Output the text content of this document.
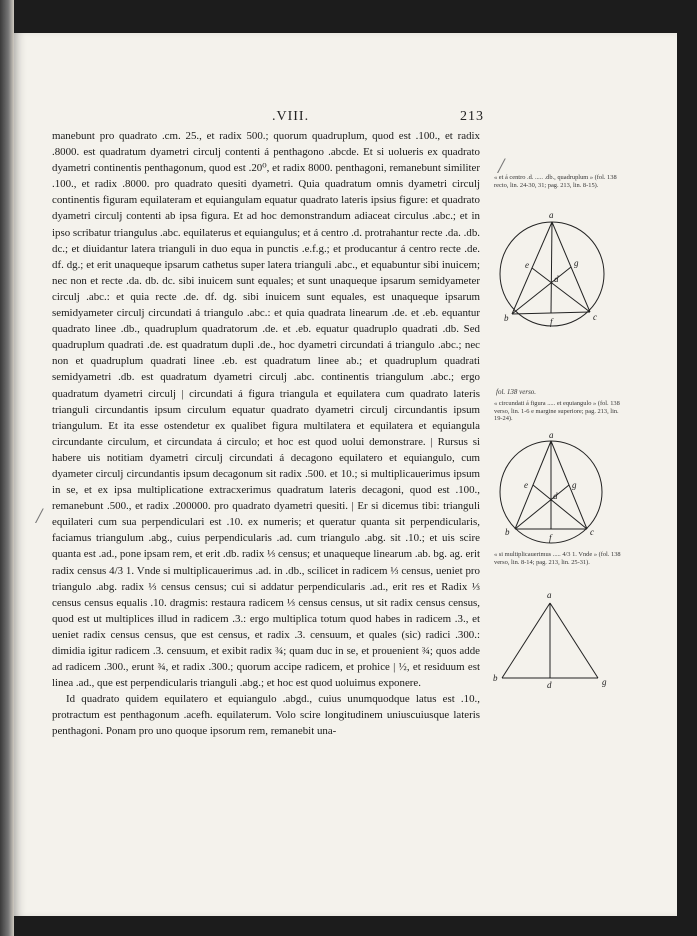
.VIII.	213

manebunt pro quadrato .cm. 25., et radix 500.; quorum quadruplum, quod est .100., et radix .8000. est quadratum dyametri circulj contenti á penthagono .abcde. Et si uolueris ex quadrato dyametri continentis penthagonum, quod est .20⁰, et radix 8000. penthagoni, remanebunt similiter .100., et radix .8000. pro quadrato quesiti dyametri. Quia quadratum omnis dyametri circulj continentis figuram equilateram et equiangulam equatur quadrato lateris ipsius figure: et quadrato dyametri circulj contenti ab ipsa figura. Et ad hoc demonstrandum adiaceat circulus .abc.; et in ipso scribatur triangulus .abc. equilaterus et equiangulus; et á centro .d. protrahantur recte .da. .db. dc.; et diuidantur latera trianguli in duo equa in punctis .e.f.g.; et producantur á centro recte .de. df. dg.; et erit unaqueque ipsarum cathetus super latera trianguli .abc., et equabuntur sibi inuicem; nec non et recte .da. db. dc. sibi inuicem sunt equales; et sunt unaqueque ipsarum semidyameter circulj .abc.: et quia recte .de. df. dg. sibi inuicem sunt equales, est unaqueque ipsarum semidyameter circulj circundati á triangulo .abc.: et quia quadrata linearum .de. et .eb. equantur quadrato linee .db., quadruplum quadratorum .de. et .eb. equatur quadruplo quadrati .db. Sed quadruplum quadrati .de. est quadratum dupli .de., hoc dyametri circundati á triangulo .abc.; nec non et quadruplum quadrati linee .eb. est quadratum linee ab.; et quadruplum quadrati semidyametri .db. est quadratum dyametri circulj .abc. continentis triangulum .abc.; ergo quadratum dyametri circulj | circundati á figura triangula et equilatera cum quadrato lateris trianguli circundantis ipsum circulum equatur quadrato dyametri circulj circundantis ipsum triangulum. Et ita esse ostendetur ex qualibet figura multilatera et equilatera et equiangula circundante circulum, et circundata á circulo; et hoc est quod uolui demonstrare. | Rursus si habere uis notitiam dyametri circulj circundati á decagono equilatero et equiangulo, cum dyameter circulj circundantis ipsum decagonum sit radix .500. et 10.; si multiplicauerimus ipsum in se, et ex ipsa multiplicatione extracxerimus quadratum lateris decagoni, quod est .100., remanebunt .500., et radix .200000. pro quadrato dyametri quesiti. | Er si dicemus tibi: trianguli equilateri cum sua perpendiculari est .10. ex numeris; et queratur quanta sit perpendicularis, faciamus triangulum .abg., cuius perpendicularis .ad. cum triangulo .abg. sit .10.; et uis scire quanta est .ad., pone ipsam rem, et erit .db. radix ⅓ census; et unaqueque linearum .ab. bg. ag. erit radix census 4/3 1. Vnde si multiplicauerimus .ad. in .db., scilicet in radicem ⅓ census, ueniet pro triangulo .abg. radix ⅓ census census; cui si addatur perpendicularis .ad., erit res et Radix ⅓ census census equalis .10. dragmis: restaura radicem ⅓ census census, ut sit radix census census, quod est ut multiplices illud in radicem .3.: ergo multiplica totum quod habes in radicem .3., et ueniet radix census census, que est census, et radix .3. censuum, et quales (sic) radici .300.: dimidia igitur radicem .3. censuum, et exibit radix ¾; quam duc in se, et prouenient ¾; quos adde ad radicem .300., erunt ¾, et radix .300.; quorum accipe radicem, et prohice | ½, et residuum est linea .ad., que est perpendicularis trianguli .abg.; et hoc est quod uoluimus exponere.

Id quadrato quidem equilatero et equiangulo .abgd., cuius unumquodque latus est .10., protractum est penthagonum .acefh. equilaterum. Volo scire longitudinem uniuscuiusque lateris penthagoni. Ponam pro uno quoque ipsorum rem, remanebit una-

/
/
« et á centro .d. ..... .db., quadruplum » (fol. 138 recto, lin. 24-30, 31; pag. 213, lin. 8-15).
a
b	c
d
e
f
g
fol. 138 verso.
« circundati á figura ..... et equiangulo » (fol. 138 verso, lin. 1-6 e margine superiore; pag. 213, lin. 19-24).
a
b	c
d
e
f
g
« si multiplicauerimus ..... 4/3 1. Vnde » (fol. 138 verso, lin. 8-14; pag. 213, lin. 25-31).
a
b
d	g
